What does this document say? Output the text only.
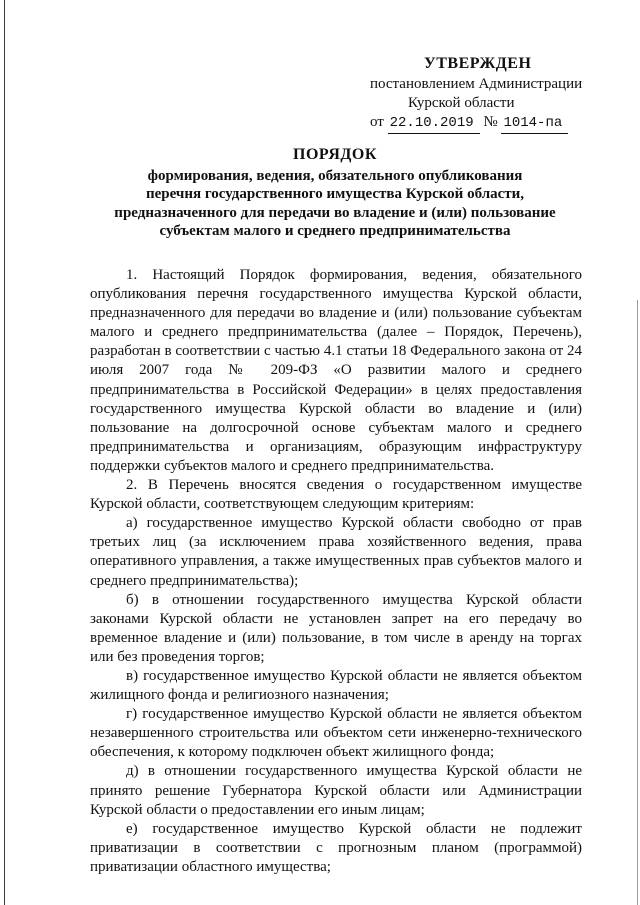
УТВЕРЖДЕН
постановлением Администрации
Курской области
от 22.10.2019 № 1014-па
ПОРЯДОК
формирования, ведения, обязательного опубликования
перечня государственного имущества Курской области,
предназначенного для передачи во владение и (или) пользование
субъектам малого и среднего предпринимательства

1. Настоящий Порядок формирования, ведения, обязательного опубликования перечня государственного имущества Курской области, предназначенного для передачи во владение и (или) пользование субъектам малого и среднего предпринимательства (далее – Порядок, Перечень), разработан в соответствии с частью 4.1 статьи 18 Федерального закона от 24 июля 2007 года № 209-ФЗ «О развитии малого и среднего предпринимательства в Российской Федерации» в целях предоставления государственного имущества Курской области во владение и (или) пользование на долгосрочной основе субъектам малого и среднего предпринимательства и организациям, образующим инфраструктуру поддержки субъектов малого и среднего предпринимательства.

2. В Перечень вносятся сведения о государственном имуществе Курской области, соответствующем следующим критериям:

а) государственное имущество Курской области свободно от прав третьих лиц (за исключением права хозяйственного ведения, права оперативного управления, а также имущественных прав субъектов малого и среднего предпринимательства);

б) в отношении государственного имущества Курской области законами Курской области не установлен запрет на его передачу во временное владение и (или) пользование, в том числе в аренду на торгах или без проведения торгов;

в) государственное имущество Курской области не является объектом жилищного фонда и религиозного назначения;

г) государственное имущество Курской области не является объектом незавершенного строительства или объектом сети инженерно-технического обеспечения, к которому подключен объект жилищного фонда;

д) в отношении государственного имущества Курской области не принято решение Губернатора Курской области или Администрации Курской области о предоставлении его иным лицам;

е) государственное имущество Курской области не подлежит приватизации в соответствии с прогнозным планом (программой) приватизации областного имущества;
